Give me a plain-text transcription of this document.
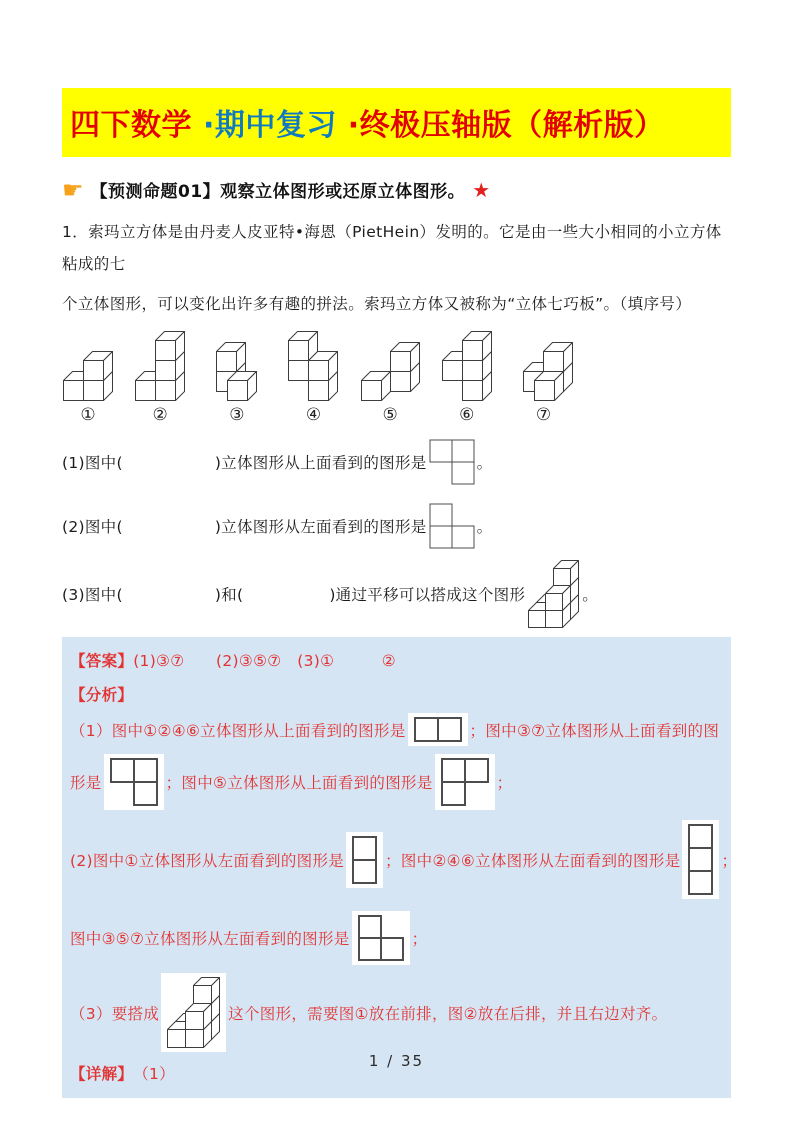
四下数学 ·期中复习 ·终极压轴版（解析版）
☛ 【预测命题01】观察立体图形或还原立体图形。 ★

1．索玛立方体是由丹麦人皮亚特•海恩（PietHein）发明的。它是由一些大小相同的小立方体粘成的七

个立体图形，可以变化出许多有趣的拼法。索玛立方体又被称为“立体七巧板”。（填序号）

①	②	③	④	⑤	⑥	⑦
(1)图中(	)立体图形从上面看到的图形是	。
(2)图中(	)立体图形从左面看到的图形是	。
(3)图中(	)和(	)通过平移可以搭成这个图形	。
【答案】 (1)③⑦　　(2)③⑤⑦　(3)①　　　②
【分析】
（1）图中①②④⑥立体图形从上面看到的图形是	；图中③⑦立体图形从上面看到的图
形是	；图中⑤立体图形从上面看到的图形是	；
(2)图中①立体图形从左面看到的图形是	；图中②④⑥立体图形从左面看到的图形是	；
图中③⑤⑦立体图形从左面看到的图形是	；
（3）要搭成	这个图形，需要图①放在前排，图②放在后排，并且右边对齐。
【详解】 （1）
1 / 35
